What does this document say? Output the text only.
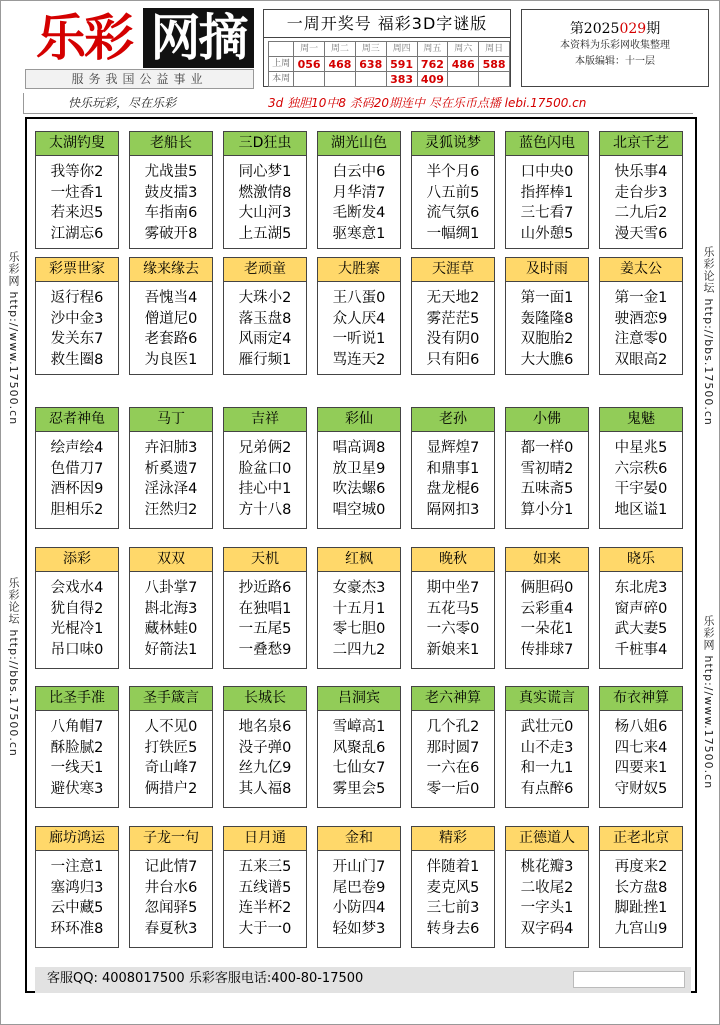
乐彩 网摘
服务我国公益事业
一周开奖号 福彩3D字谜版
	周一	周二	周三	周四	周五	周六	周日
上周	056	468	638	591	762	486	588
本周				383	409		
第2025029期
本资料为乐彩网收集整理
本版编辑：十一层
快乐玩彩，尽在乐彩	3d 独胆10中8 杀码20期连中 尽在乐币点播 lebi.17500.cn
乐彩网 http://www.17500.cn
乐彩论坛 http://bbs.17500.cn
乐彩论坛 http://bbs.17500.cn
乐彩网 http://www.17500.cn
太湖钓叟
我等你2
一炷香1
若来迟5
江湖忘6
老船长
尤战蚩5
鼓皮擂3
车指南6
雾破开8
三D狂虫
同心梦1
燃激情8
大山河3
上五湖5
湖光山色
白云中6
月华清7
毛断发4
驱寒意1
灵狐说梦
半个月6
八五前5
流气氛6
一幅绸1
蓝色闪电
口中央0
指挥棒1
三七看7
山外憩5
北京千艺
快乐事4
走台步3
二九后2
漫天雪6
彩票世家
返行程6
沙中金3
发关东7
救生圈8
缘来缘去
吾愧当4
僧道尼0
老套路6
为良医1
老顽童
大珠小2
落玉盘8
风雨定4
雁行频1
大胜寨
王八蛋0
众人厌4
一听说1
骂连天2
天涯草
无天地2
雾茫茫5
没有阴0
只有阳6
及时雨
第一面1
轰隆隆8
双胞胎2
大大膲6
姜太公
第一金1
驶酒恋9
注意零0
双眼高2
忍者神龟
绘声绘4
色借刀7
酒杯因9
胆相乐2
马丁
卉汩肺3
析奚遗7
淫泳泽4
汪然归2
吉祥
兄弟俩2
脸盆口0
挂心中1
方十八8
彩仙
唱高调8
放卫星9
吹法螺6
唱空城0
老孙
显辉煌7
和鼎事1
盘龙棍6
隔网扣3
小佛
都一样0
雪初晴2
五味斋5
算小分1
鬼魅
中星兆5
六宗秩6
干宇晏0
地区谥1
添彩
会戏水4
犹自得2
光棍冷1
吊口味0
双双
八卦掌7
斟北海3
藏林蛙0
好箭法1
天机
抄近路6
在独唱1
一五尾5
一叠愁9
红枫
女豪杰3
十五月1
零七胆0
二四九2
晚秋
期中坐7
五花马5
一六零0
新娘来1
如来
俩胆码0
云彩重4
一朵花1
传排球7
晓乐
东北虎3
窗声碎0
武大妻5
千桩事4
比圣手准
八角帽7
酥脸腻2
一线天1
避伏寒3
圣手箴言
人不见0
打铁匠5
奇山峰7
俩措户2
长城长
地名泉6
没子弹0
丝九亿9
其人福8
吕洞宾
雪嶂高1
风聚乱6
七仙女7
雾里会5
老六神算
几个孔2
那时圆7
一六在6
零一后0
真实谎言
武壮元0
山不走3
和一九1
有点醉6
布衣神算
杨八姐6
四七来4
四要来1
守财奴5
廊坊鸿运
一注意1
塞鸿归3
云中藏5
环环准8
子龙一句
记此情7
井台水6
忽闻驿5
春夏秋3
日月通
五来三5
五线谱5
连半杯2
大于一0
金和
开山门7
尾巴卷9
小防四4
轻如梦3
精彩
伴随着1
麦克风5
三七前3
转身去6
正德道人
桃花瓣3
二收尾2
一字头1
双字码4
正老北京
再度来2
长方盘8
脚趾挫1
九宫山9
客服QQ: 4008017500 乐彩客服电话:400-80-17500
